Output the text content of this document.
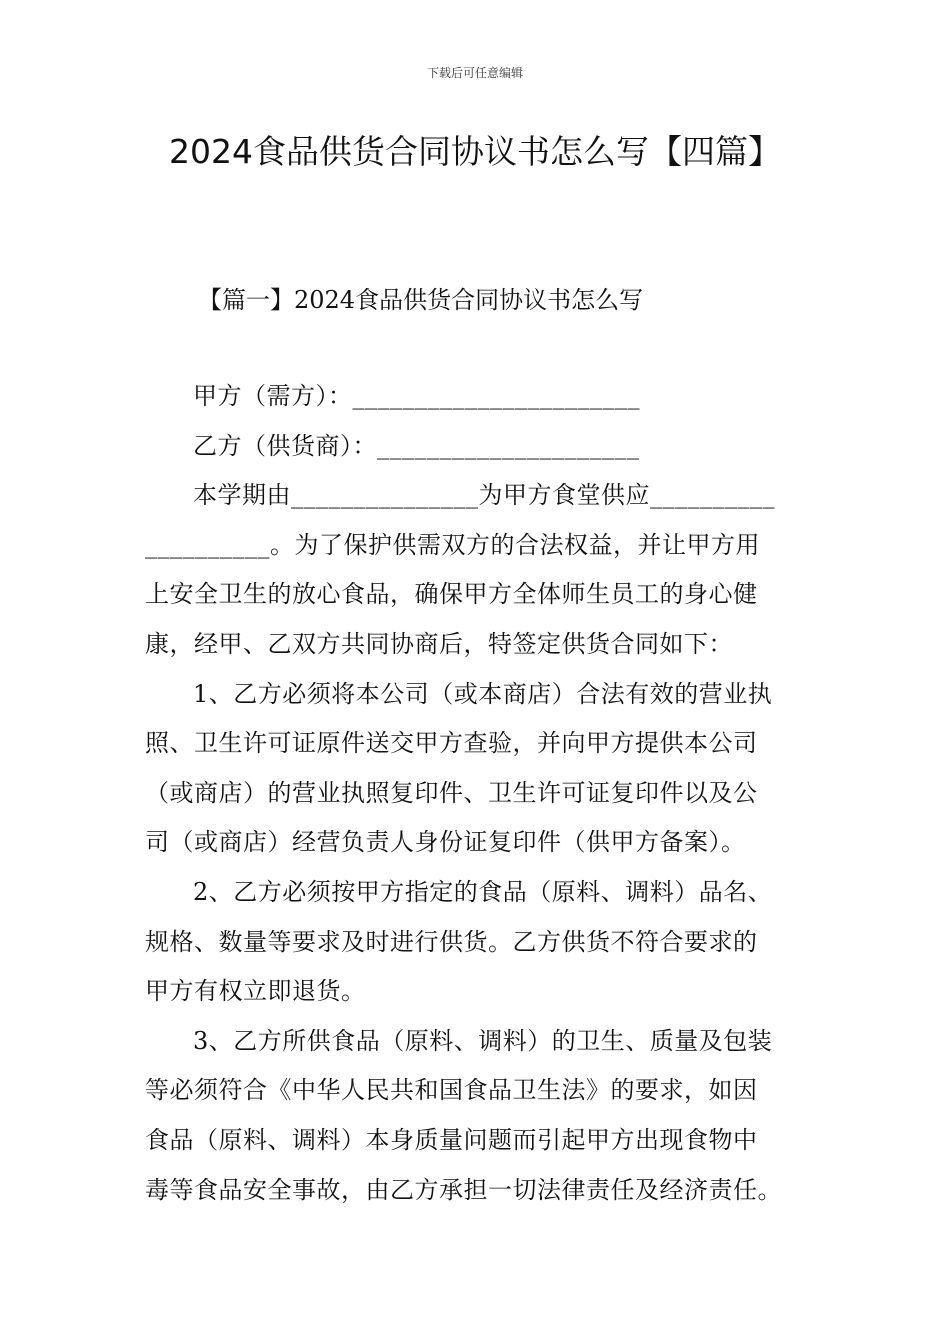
下载后可任意编辑
2024食品供货合同协议书怎么写【四篇】
【篇一】2024食品供货合同协议书怎么写
甲方（需方）：_______________________
乙方（供货商）：_____________________
本学期由_______________为甲方食堂供应__________
__________。为了保护供需双方的合法权益，并让甲方用
上安全卫生的放心食品，确保甲方全体师生员工的身心健
康，经甲、乙双方共同协商后，特签定供货合同如下：
1、乙方必须将本公司（或本商店）合法有效的营业执
照、卫生许可证原件送交甲方查验，并向甲方提供本公司
（或商店）的营业执照复印件、卫生许可证复印件以及公
司（或商店）经营负责人身份证复印件（供甲方备案）。
2、乙方必须按甲方指定的食品（原料、调料）品名、
规格、数量等要求及时进行供货。乙方供货不符合要求的
甲方有权立即退货。
3、乙方所供食品（原料、调料）的卫生、质量及包装
等必须符合《中华人民共和国食品卫生法》的要求，如因
食品（原料、调料）本身质量问题而引起甲方出现食物中
毒等食品安全事故，由乙方承担一切法律责任及经济责任。
